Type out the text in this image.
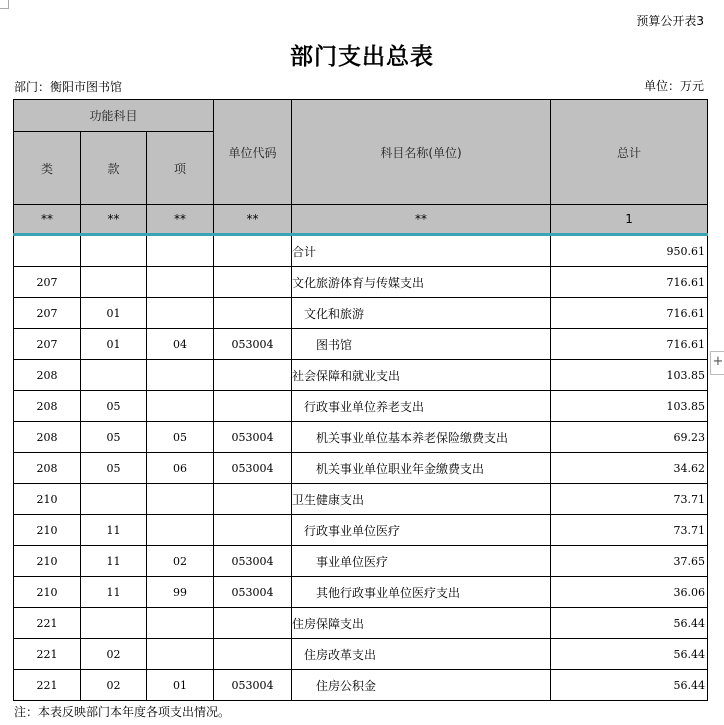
预算公开表3
部门支出总表
部门：衡阳市图书馆	单位：万元
功能科目			单位代码	科目名称(单位)	总计
类	款	项			
**	**	**	**	**	1
				合计	950.61
207				文化旅游体育与传媒支出	716.61
207	01			文化和旅游	716.61
207	01	04	053004	图书馆	716.61
208				社会保障和就业支出	103.85
208	05			行政事业单位养老支出	103.85
208	05	05	053004	机关事业单位基本养老保险缴费支出	69.23
208	05	06	053004	机关事业单位职业年金缴费支出	34.62
210				卫生健康支出	73.71
210	11			行政事业单位医疗	73.71
210	11	02	053004	事业单位医疗	37.65
210	11	99	053004	其他行政事业单位医疗支出	36.06
221				住房保障支出	56.44
221	02			住房改革支出	56.44
221	02	01	053004	住房公积金	56.44
注：本表反映部门本年度各项支出情况。
+
